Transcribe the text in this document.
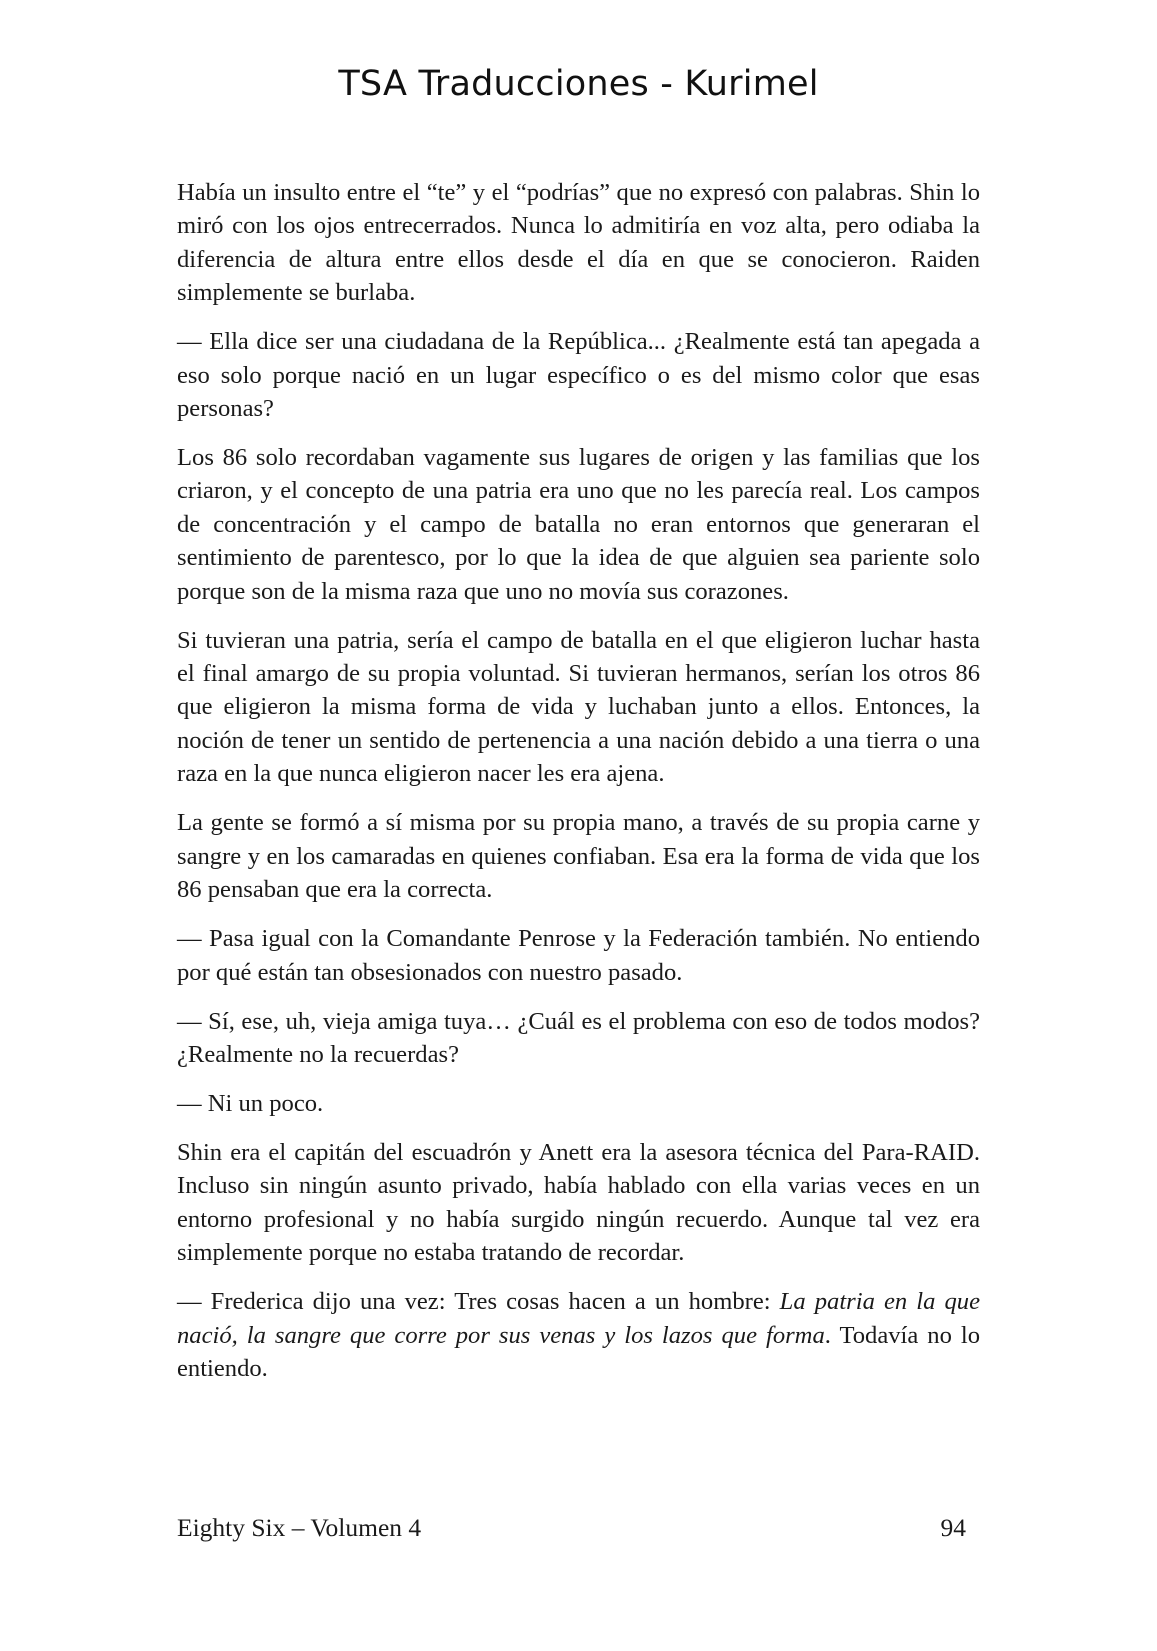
TSA Traducciones - Kurimel

Había un insulto entre el “te” y el “podrías” que no expresó con palabras. Shin lo miró con los ojos entrecerrados. Nunca lo admitiría en voz alta, pero odiaba la diferencia de altura entre ellos desde el día en que se conocieron. Raiden simplemente se burlaba.

— Ella dice ser una ciudadana de la República... ¿Realmente está tan apegada a eso solo porque nació en un lugar específico o es del mismo color que esas personas?

Los 86 solo recordaban vagamente sus lugares de origen y las familias que los criaron, y el concepto de una patria era uno que no les parecía real. Los campos de concentración y el campo de batalla no eran entornos que generaran el sentimiento de parentesco, por lo que la idea de que alguien sea pariente solo porque son de la misma raza que uno no movía sus corazones.

Si tuvieran una patria, sería el campo de batalla en el que eligieron luchar hasta el final amargo de su propia voluntad. Si tuvieran hermanos, serían los otros 86 que eligieron la misma forma de vida y luchaban junto a ellos. Entonces, la noción de tener un sentido de pertenencia a una nación debido a una tierra o una raza en la que nunca eligieron nacer les era ajena.

La gente se formó a sí misma por su propia mano, a través de su propia carne y sangre y en los camaradas en quienes confiaban. Esa era la forma de vida que los 86 pensaban que era la correcta.

— Pasa igual con la Comandante Penrose y la Federación también. No entiendo por qué están tan obsesionados con nuestro pasado.

— Sí, ese, uh, vieja amiga tuya… ¿Cuál es el problema con eso de todos modos? ¿Realmente no la recuerdas?

— Ni un poco.

Shin era el capitán del escuadrón y Anett era la asesora técnica del Para-RAID. Incluso sin ningún asunto privado, había hablado con ella varias veces en un entorno profesional y no había surgido ningún recuerdo. Aunque tal vez era simplemente porque no estaba tratando de recordar.

— Frederica dijo una vez: Tres cosas hacen a un hombre: La patria en la que nació, la sangre que corre por sus venas y los lazos que forma. Todavía no lo entiendo.

Eighty Six – Volumen 4	94
